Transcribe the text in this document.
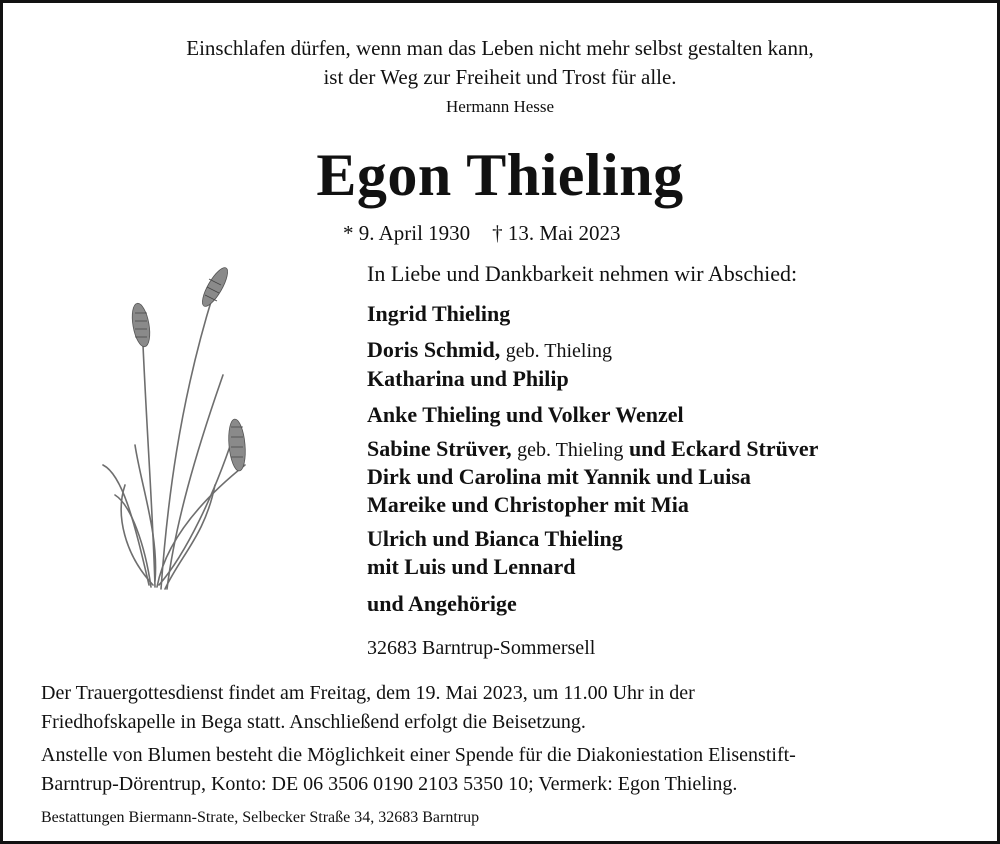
Einschlafen dürfen, wenn man das Leben nicht mehr selbst gestalten kann,
ist der Weg zur Freiheit und Trost für alle.
Hermann Hesse
Egon Thieling
* 9. April 1930 † 13. Mai 2023
In Liebe und Dankbarkeit nehmen wir Abschied:
Ingrid Thieling
Doris Schmid, geb. Thieling
Katharina und Philip
Anke Thieling und Volker Wenzel
Sabine Strüver, geb. Thieling und Eckard Strüver
Dirk und Carolina mit Yannik und Luisa
Mareike und Christopher mit Mia
Ulrich und Bianca Thieling
mit Luis und Lennard
und Angehörige
32683 Barntrup-Sommersell
Der Trauergottesdienst findet am Freitag, dem 19. Mai 2023, um 11.00 Uhr in der
Friedhofskapelle in Bega statt. Anschließend erfolgt die Beisetzung.
Anstelle von Blumen besteht die Möglichkeit einer Spende für die Diakoniestation Elisenstift-
Barntrup-Dörentrup, Konto: DE 06 3506 0190 2103 5350 10; Vermerk: Egon Thieling.
Bestattungen Biermann-Strate, Selbecker Straße 34, 32683 Barntrup
